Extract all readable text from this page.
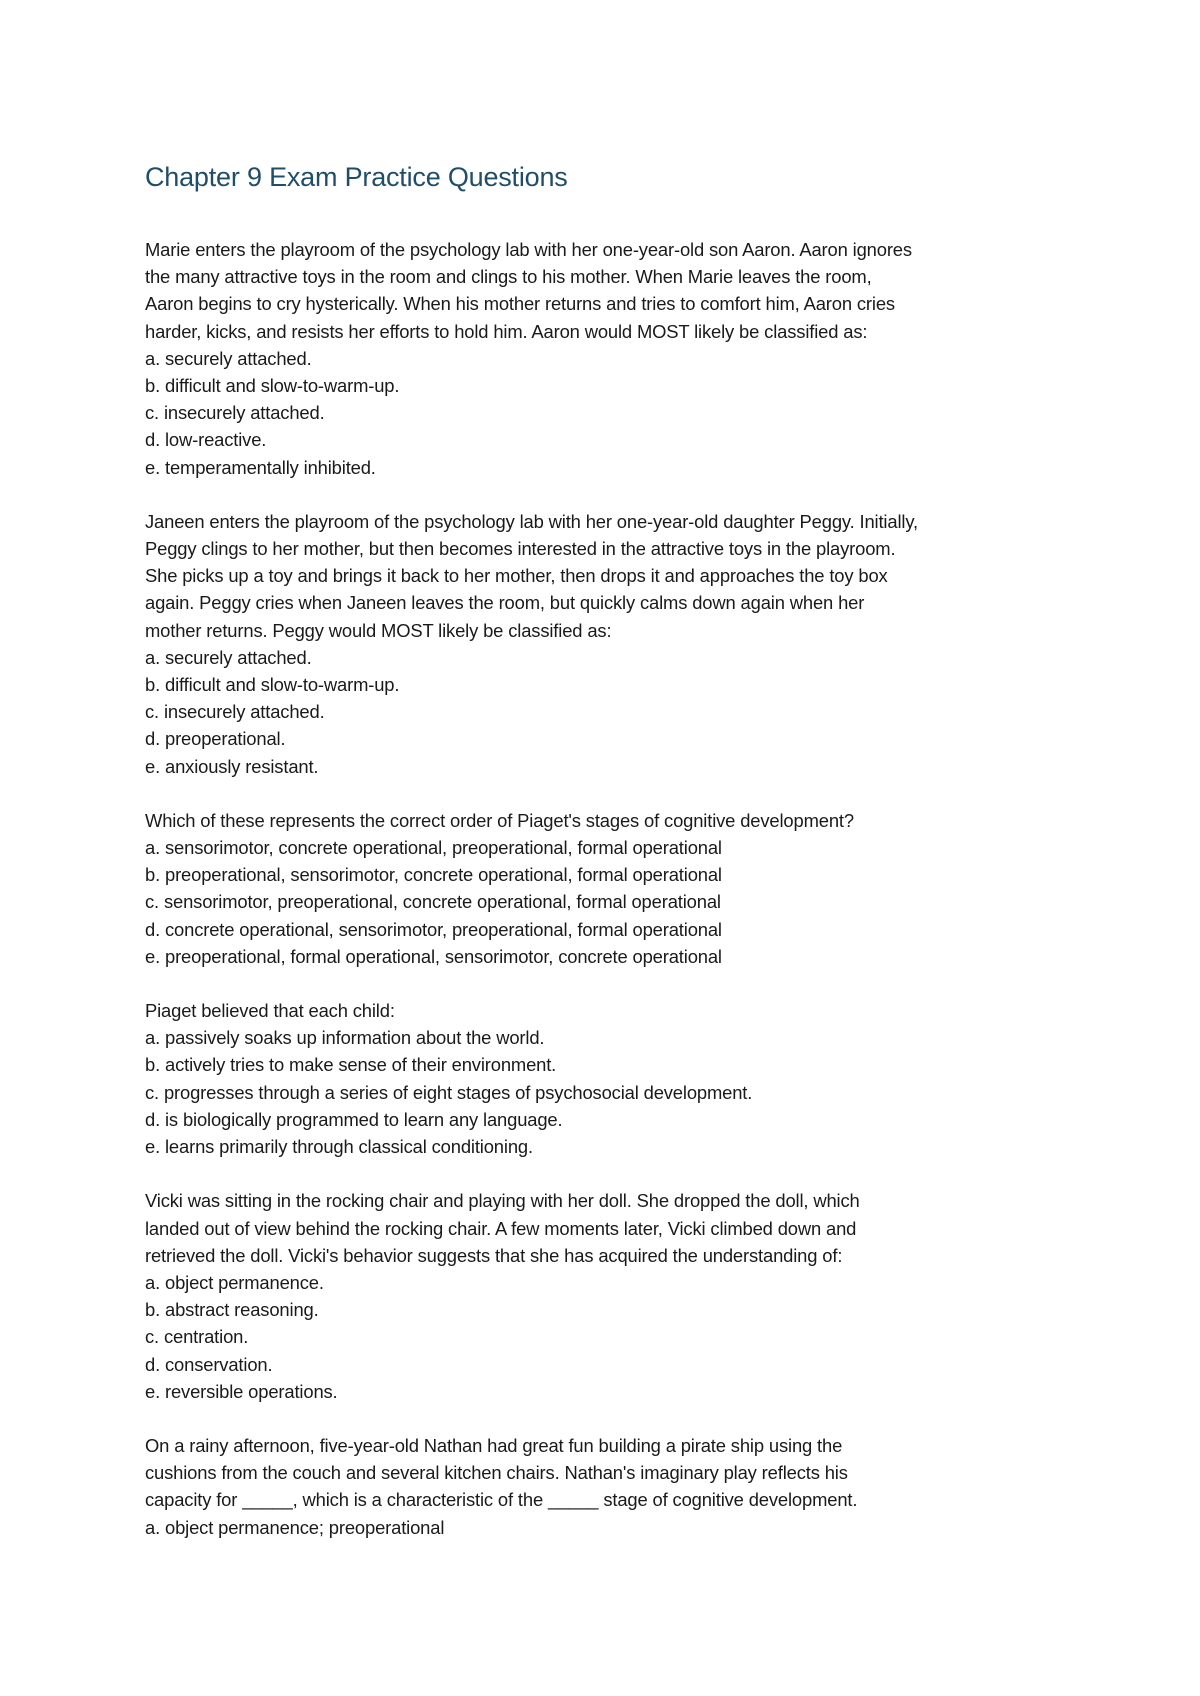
Chapter 9 Exam Practice Questions

Marie enters the playroom of the psychology lab with her one-year-old son Aaron. Aaron ignores
the many attractive toys in the room and clings to his mother. When Marie leaves the room,
Aaron begins to cry hysterically. When his mother returns and tries to comfort him, Aaron cries
harder, kicks, and resists her efforts to hold him. Aaron would MOST likely be classified as:

a. securely attached.

b. difficult and slow-to-warm-up.

c. insecurely attached.

d. low-reactive.

e. temperamentally inhibited.

Janeen enters the playroom of the psychology lab with her one-year-old daughter Peggy. Initially,
Peggy clings to her mother, but then becomes interested in the attractive toys in the playroom.
She picks up a toy and brings it back to her mother, then drops it and approaches the toy box
again. Peggy cries when Janeen leaves the room, but quickly calms down again when her
mother returns. Peggy would MOST likely be classified as:

a. securely attached.

b. difficult and slow-to-warm-up.

c. insecurely attached.

d. preoperational.

e. anxiously resistant.

Which of these represents the correct order of Piaget's stages of cognitive development?

a. sensorimotor, concrete operational, preoperational, formal operational

b. preoperational, sensorimotor, concrete operational, formal operational

c. sensorimotor, preoperational, concrete operational, formal operational

d. concrete operational, sensorimotor, preoperational, formal operational

e. preoperational, formal operational, sensorimotor, concrete operational

Piaget believed that each child:

a. passively soaks up information about the world.

b. actively tries to make sense of their environment.

c. progresses through a series of eight stages of psychosocial development.

d. is biologically programmed to learn any language.

e. learns primarily through classical conditioning.

Vicki was sitting in the rocking chair and playing with her doll. She dropped the doll, which
landed out of view behind the rocking chair. A few moments later, Vicki climbed down and
retrieved the doll. Vicki's behavior suggests that she has acquired the understanding of:

a. object permanence.

b. abstract reasoning.

c. centration.

d. conservation.

e. reversible operations.

On a rainy afternoon, five-year-old Nathan had great fun building a pirate ship using the
cushions from the couch and several kitchen chairs. Nathan's imaginary play reflects his
capacity for _____, which is a characteristic of the _____ stage of cognitive development.

a. object permanence; preoperational
